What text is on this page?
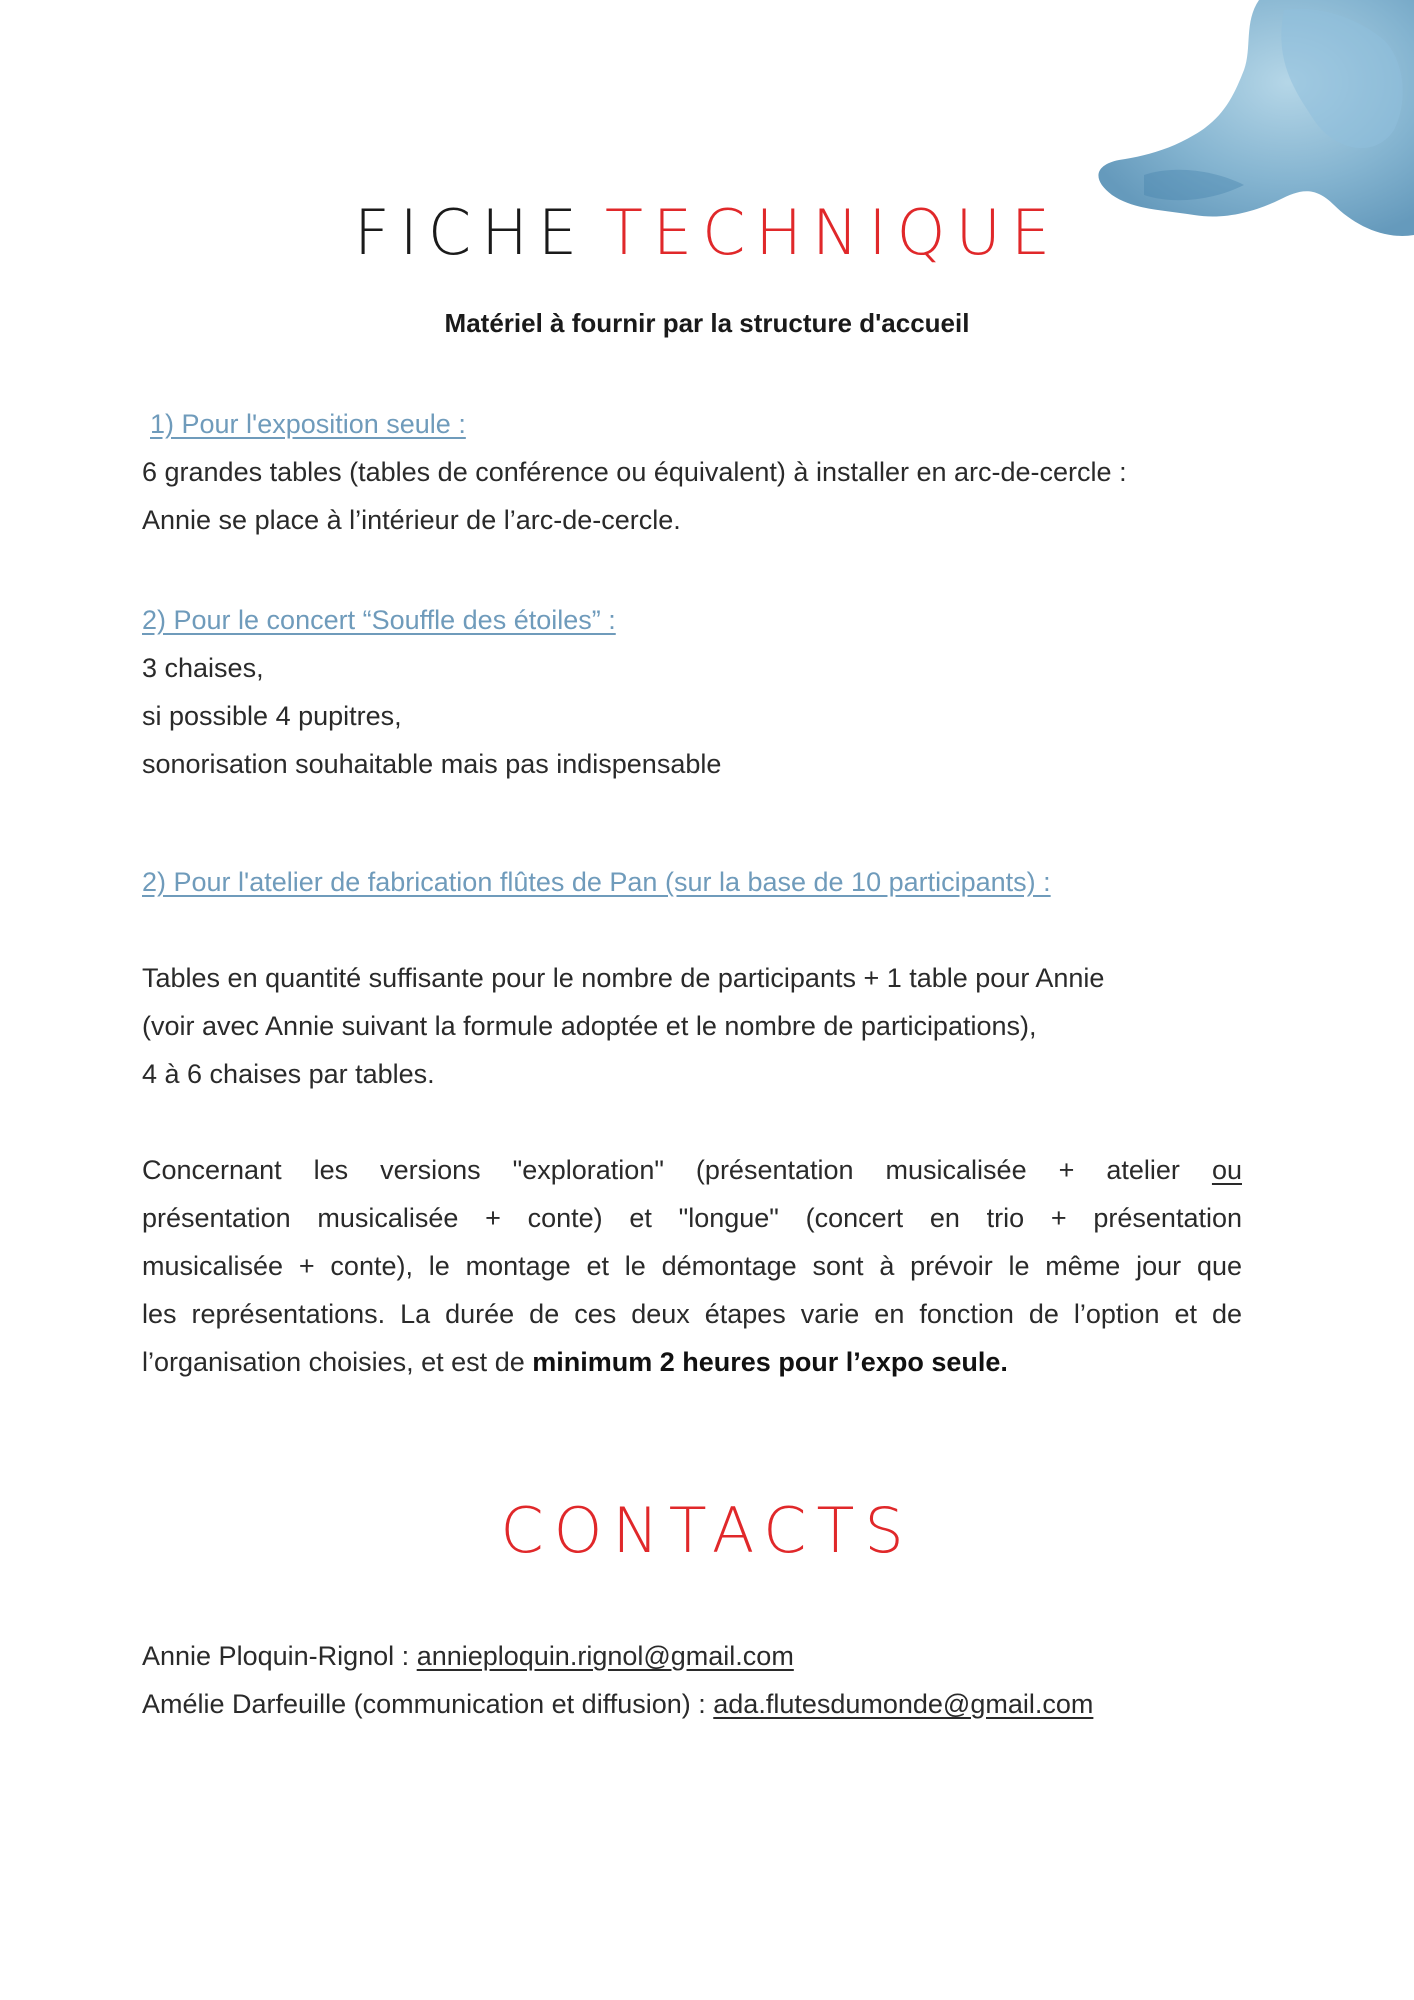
FICHE TECHNIQUE
Matériel à fournir par la structure d'accueil
1) Pour l'exposition seule :
6 grandes tables (tables de conférence ou équivalent) à installer en arc-de-cercle :
Annie se place à l’intérieur de l’arc-de-cercle.
2) Pour le concert “Souffle des étoiles” :
3 chaises,
si possible 4 pupitres,
sonorisation souhaitable mais pas indispensable
2) Pour l'atelier de fabrication flûtes de Pan (sur la base de 10 participants) :
Tables en quantité suffisante pour le nombre de participants + 1 table pour Annie
(voir avec Annie suivant la formule adoptée et le nombre de participations),
4 à 6 chaises par tables.

Concernant les versions "exploration" (présentation musicalisée + atelier ou

présentation musicalisée + conte) et "longue" (concert en trio + présentation

musicalisée + conte), le montage et le démontage sont à prévoir le même jour que

les représentations. La durée de ces deux étapes varie en fonction de l’option et de

l’organisation choisies, et est de minimum 2 heures pour l’expo seule.

CONTACTS
Annie Ploquin-Rignol : annieploquin.rignol@gmail.com
Amélie Darfeuille (communication et diffusion) : ada.flutesdumonde@gmail.com
